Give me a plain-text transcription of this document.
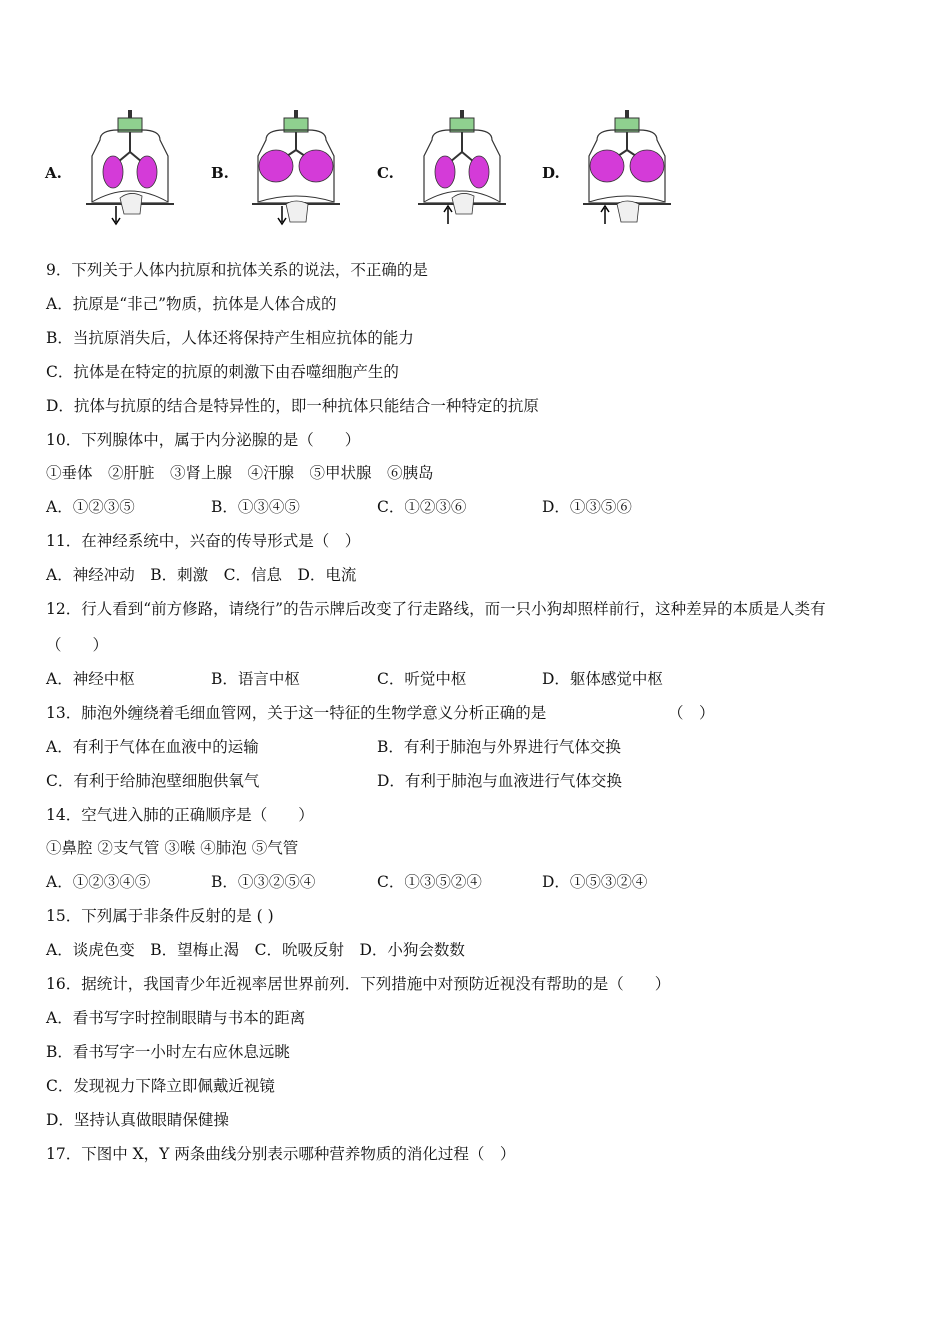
A.	B.	C.	D.
9．下列关于人体内抗原和抗体关系的说法，不正确的是
A．抗原是“非己”物质，抗体是人体合成的
B．当抗原消失后，人体还将保持产生相应抗体的能力
C．抗体是在特定的抗原的刺激下由吞噬细胞产生的
D．抗体与抗原的结合是特异性的，即一种抗体只能结合一种特定的抗原
10．下列腺体中，属于内分泌腺的是（　　）
①垂体　②肝脏　③肾上腺　④汗腺　⑤甲状腺　⑥胰岛
A．①②③⑤	B．①③④⑤	C．①②③⑥	D．①③⑤⑥
11．在神经系统中，兴奋的传导形式是（　）
A．神经冲动　B．刺激　C．信息　D．电流
12．行人看到“前方修路，请绕行”的告示牌后改变了行走路线，而一只小狗却照样前行，这种差异的本质是人类有
（　　）
A．神经中枢	B．语言中枢	C．听觉中枢	D．躯体感觉中枢
13．肺泡外缠绕着毛细血管网，关于这一特征的生物学意义分析正确的是	（　）
A．有利于气体在血液中的运输	B．有利于肺泡与外界进行气体交换
C．有利于给肺泡壁细胞供氧气	D．有利于肺泡与血液进行气体交换
14．空气进入肺的正确顺序是（　　）
①鼻腔 ②支气管 ③喉 ④肺泡 ⑤气管
A．①②③④⑤	B．①③②⑤④	C．①③⑤②④	D．①⑤③②④
15．下列属于非条件反射的是 ( )
A．谈虎色变　B．望梅止渴　C．吮吸反射　D．小狗会数数
16．据统计，我国青少年近视率居世界前列．下列措施中对预防近视没有帮助的是（　　）
A．看书写字时控制眼睛与书本的距离
B．看书写字一小时左右应休息远眺
C．发现视力下降立即佩戴近视镜
D．坚持认真做眼睛保健操
17．下图中 X，Y 两条曲线分别表示哪种营养物质的消化过程（　）
